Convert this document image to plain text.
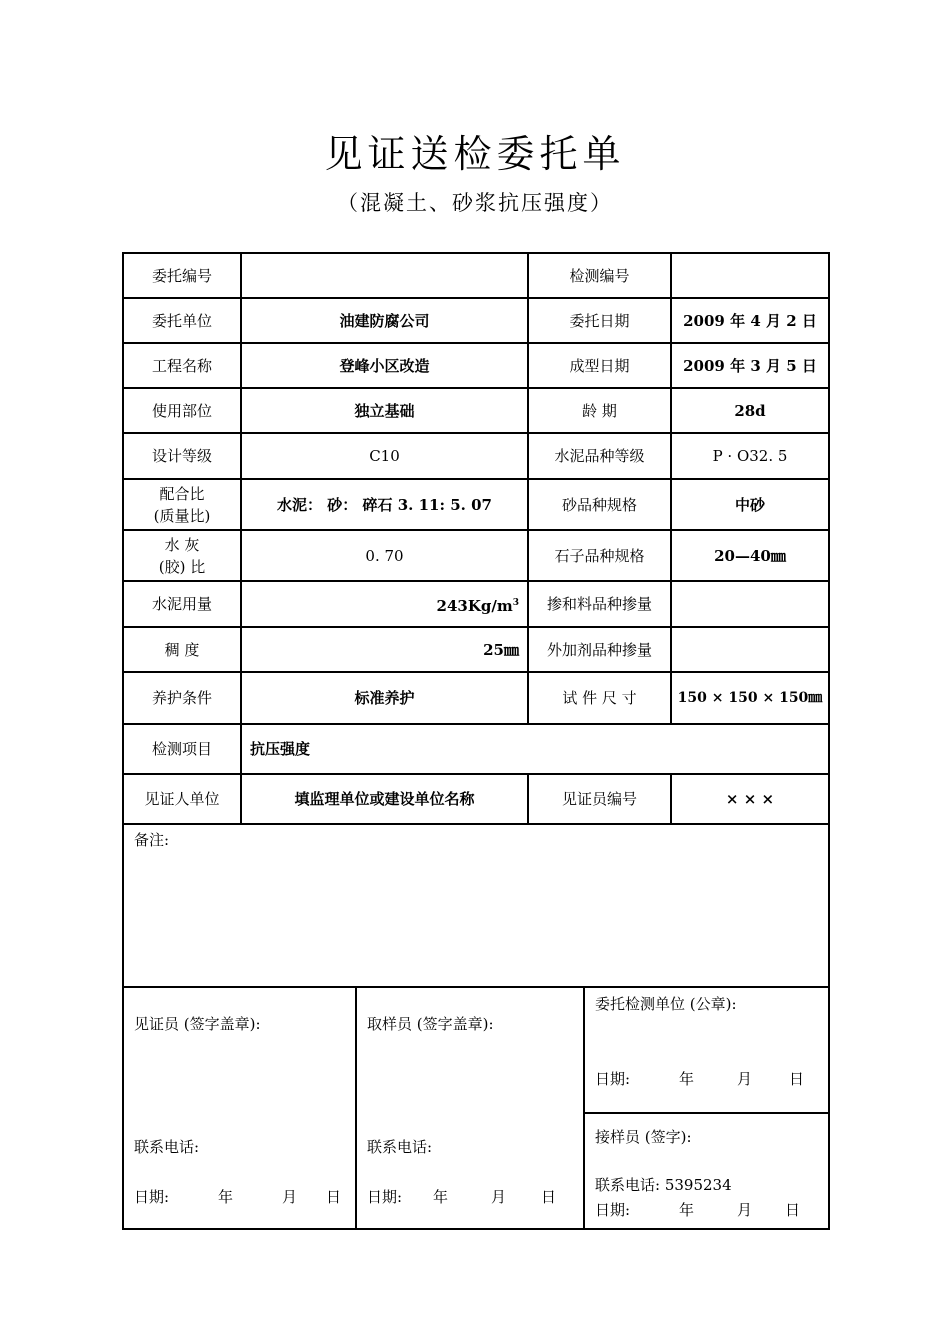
见证送检委托单
（混凝土、砂浆抗压强度）
委托编号		检测编号	
委托单位	油建防腐公司	委托日期	2009 年 4 月 2 日
工程名称	登峰小区改造	成型日期	2009 年 3 月 5 日
使用部位	独立基础	龄 期	28d
设计等级	C10	水泥品种等级	P · O32. 5
配合比
(质量比)	水泥： 砂： 碎石 3. 11: 5. 07	砂品种规格	中砂
水 灰
(胶) 比	0. 70	石子品种规格	20—40㎜
水泥用量	$243Kg/m^3$	掺和料品种掺量	
稠 度	25㎜	外加剂品种掺量	
养护条件	标准养护	试 件 尺 寸	150 × 150 × 150㎜
检测项目	抗压强度		
见证人单位	填监理单位或建设单位名称	见证员编号	× × ×
备注:			
见证员 (签字盖章):
联系电话:
日期:	年	月 日

取样员 (签字盖章):
联系电话:
日期: 年	月 日

委托检测单位 (公章):
日期:	年	月 日

接样员 (签字):
联系电话: 5395234
日期:	年	月 日
